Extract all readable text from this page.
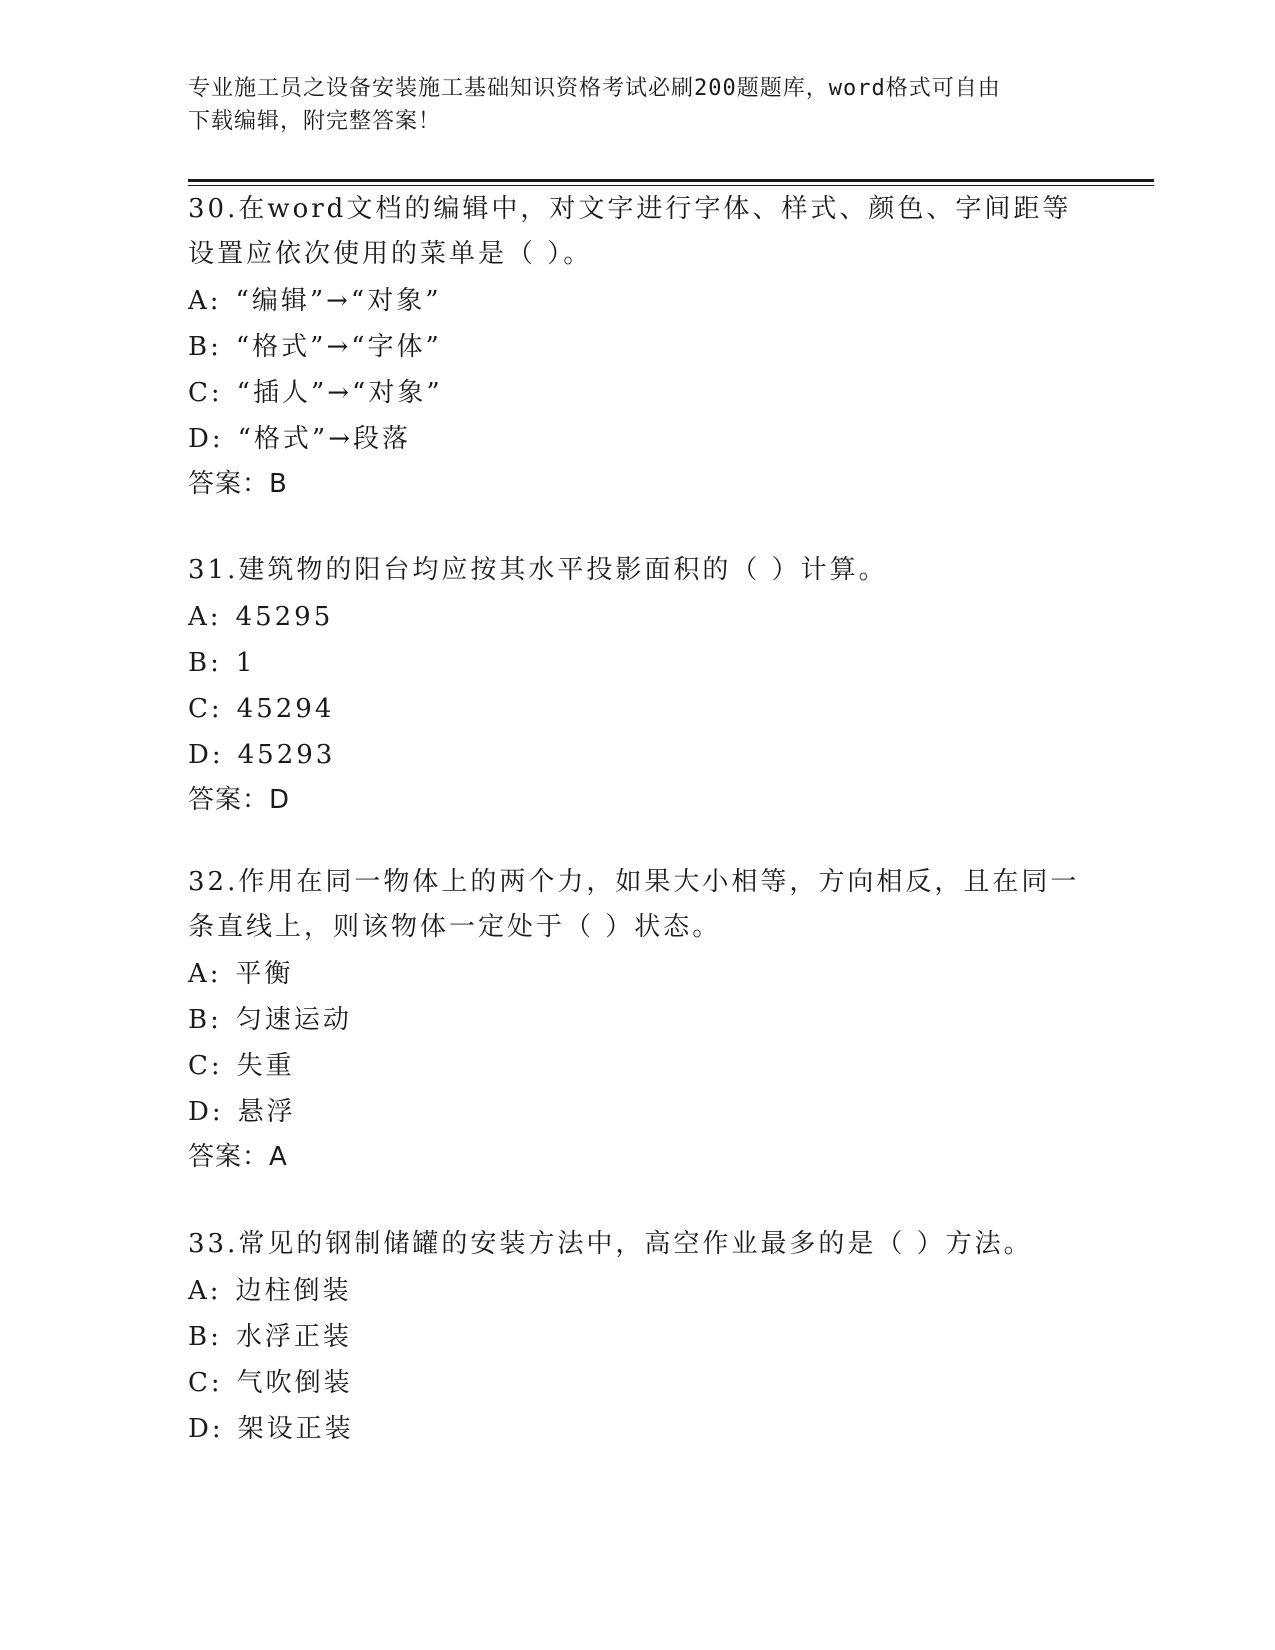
专业施工员之设备安装施工基础知识资格考试必刷200题题库，word格式可自由
下载编辑，附完整答案！
30.在word文档的编辑中，对文字进行字体、样式、颜色、字间距等设置应依次使用的菜单是（ ）。
A: “编辑”→“对象”
B: “格式”→“字体”
C: “插人”→“对象”
D: “格式”→段落
答案：B
31.建筑物的阳台均应按其水平投影面积的（ ）计算。
A: 45295
B: 1
C: 45294
D: 45293
答案：D
32.作用在同一物体上的两个力，如果大小相等，方向相反，且在同一条直线上，则该物体一定处于（ ）状态。
A: 平衡
B: 匀速运动
C: 失重
D: 悬浮
答案：A
33.常见的钢制储罐的安装方法中，高空作业最多的是（ ）方法。
A: 边柱倒装
B: 水浮正装
C: 气吹倒装
D: 架设正装
